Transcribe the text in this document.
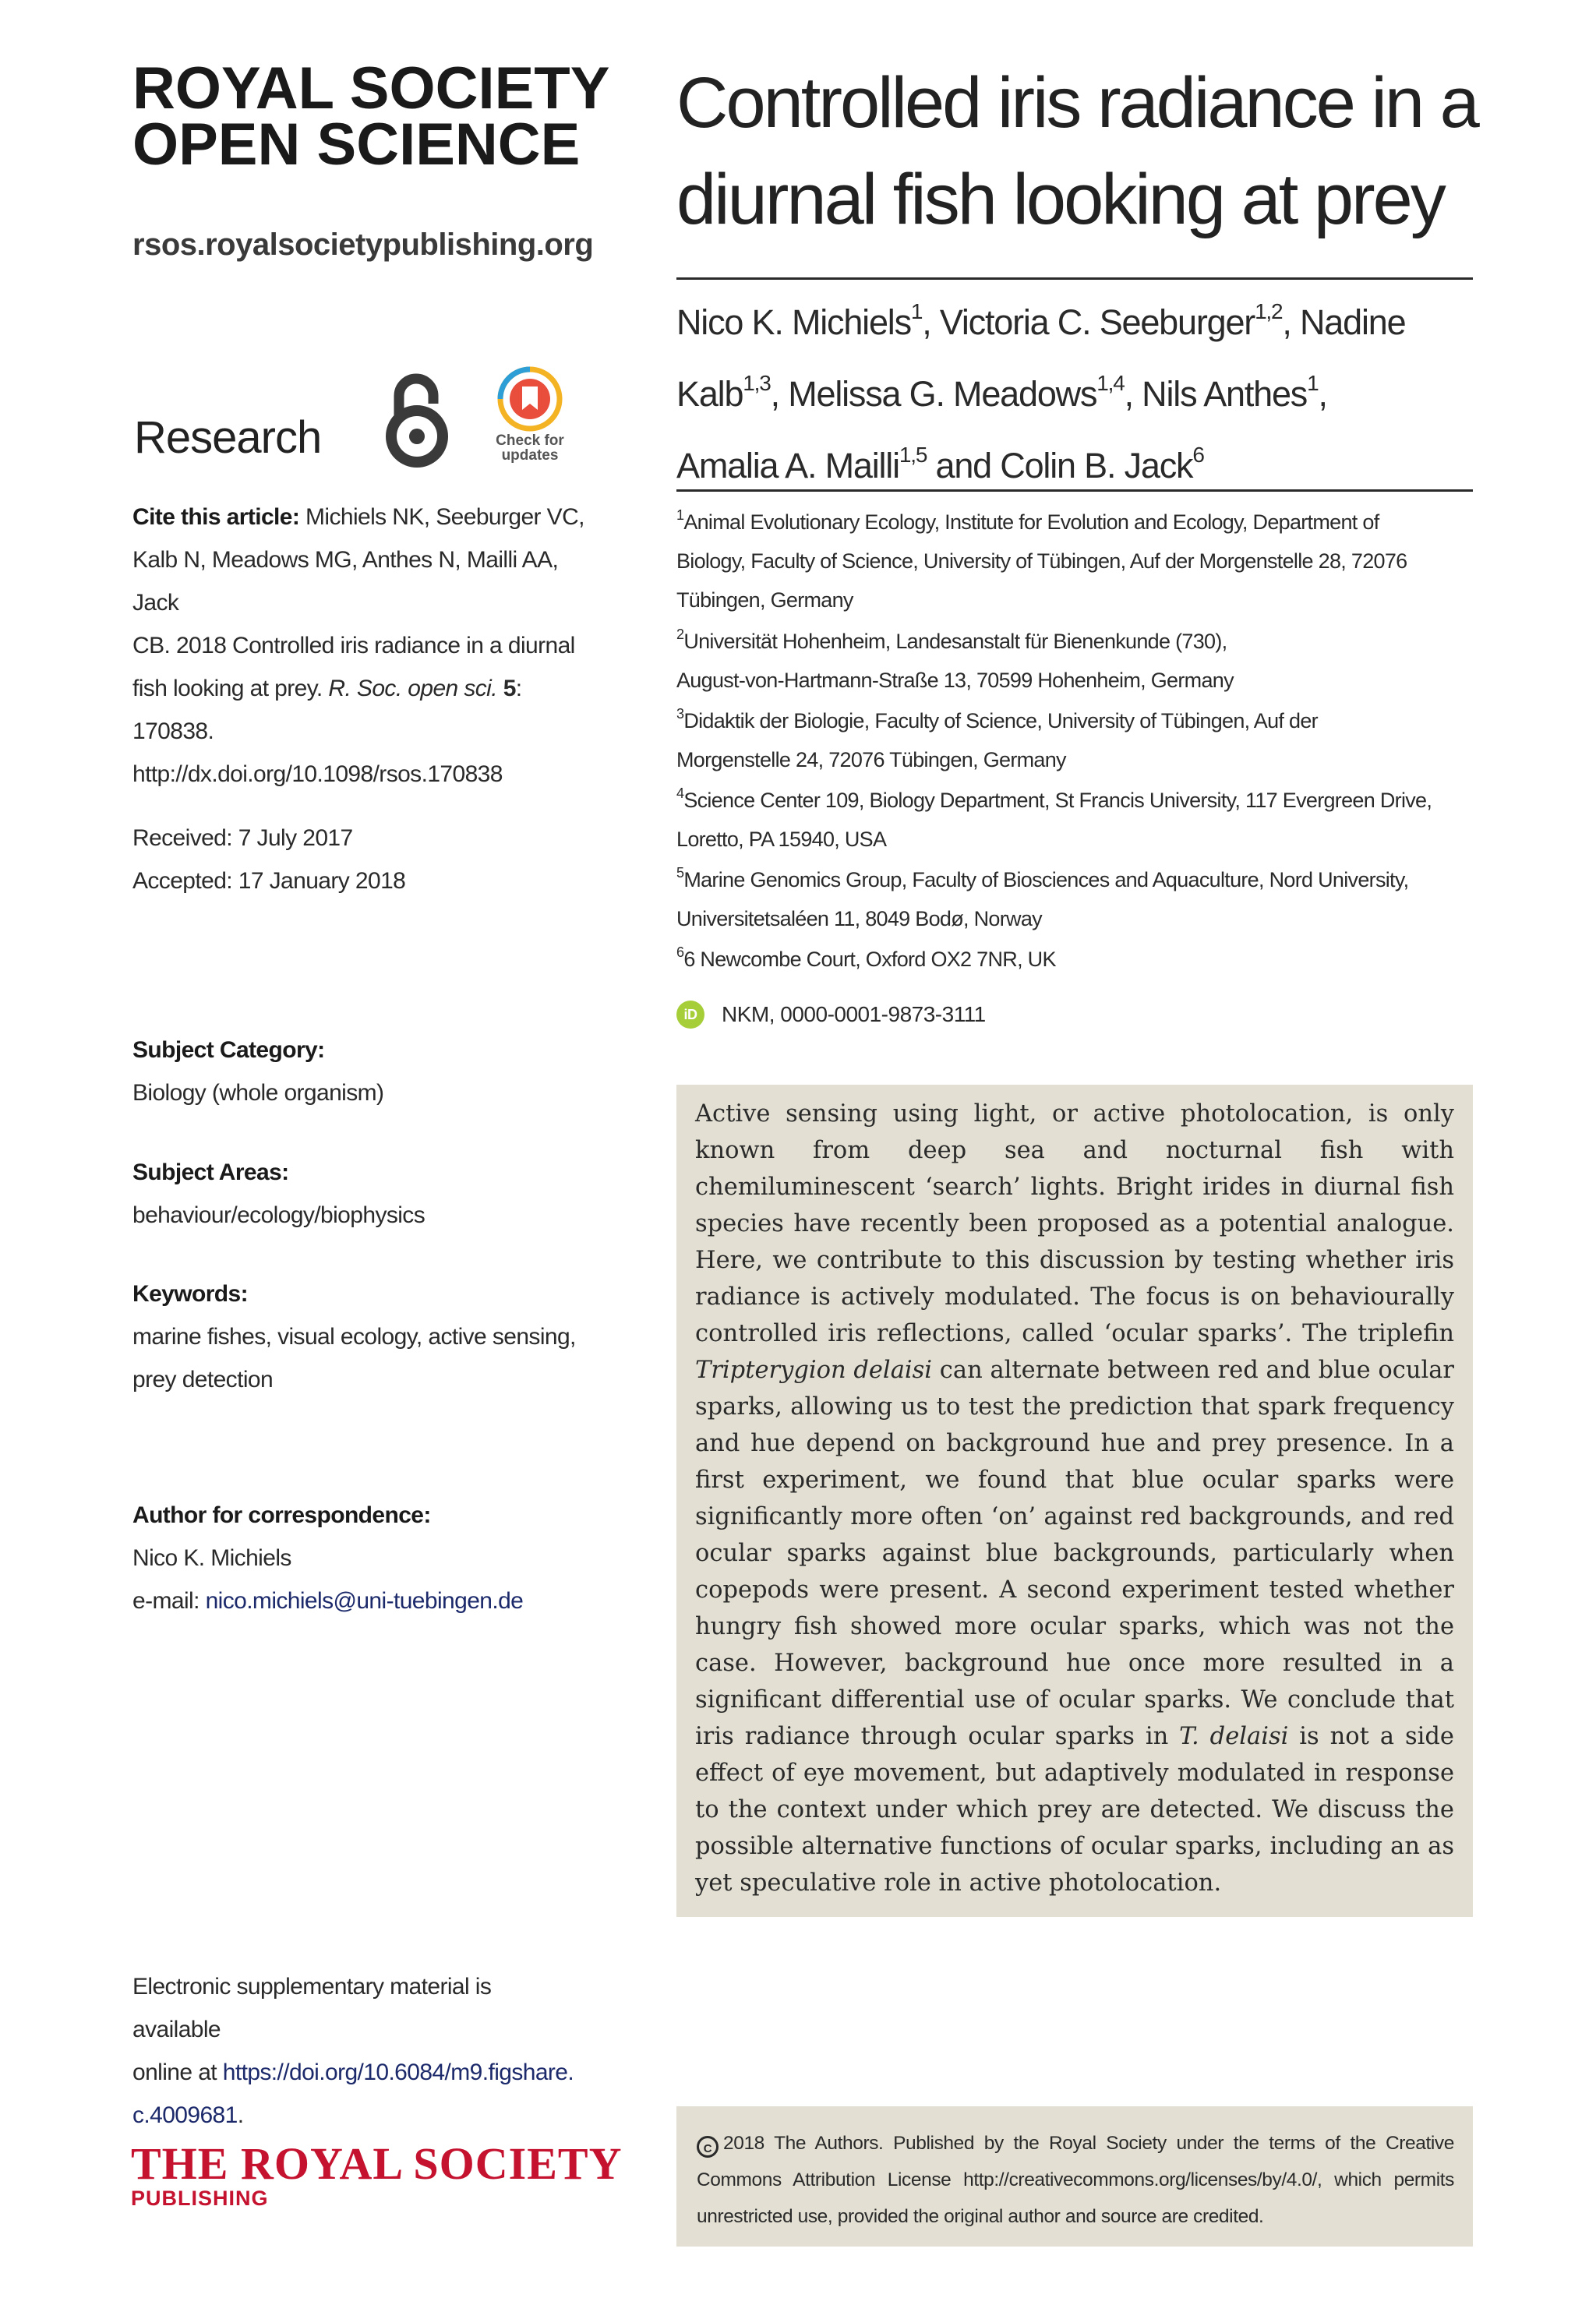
ROYAL SOCIETY
OPEN SCIENCE
rsos.royalsocietypublishing.org
Research	Check for
updates
Cite this article: Michiels NK, Seeburger VC,
Kalb N, Meadows MG, Anthes N, Mailli AA, Jack
CB. 2018 Controlled iris radiance in a diurnal
fish looking at prey. R. Soc. open sci. 5: 170838.
http://dx.doi.org/10.1098/rsos.170838
Received: 7 July 2017
Accepted: 17 January 2018
Subject Category:
Biology (whole organism)
Subject Areas:
behaviour/ecology/biophysics
Keywords:
marine fishes, visual ecology, active sensing,
prey detection
Author for correspondence:
Nico K. Michiels
e-mail: nico.michiels@uni-tuebingen.de
Electronic supplementary material is available
online at https://doi.org/10.6084/m9.figshare.
c.4009681.
THE ROYAL SOCIETY
PUBLISHING
Controlled iris radiance in a
diurnal fish looking at prey
Nico K. Michiels$^1$, Victoria C. Seeburger$^{1,2}$, Nadine
Kalb$^{1,3}$, Melissa G. Meadows$^{1,4}$, Nils Anthes$^1$,
Amalia A. Mailli$^{1,5}$ and Colin B. Jack$^6$
$^1$Animal Evolutionary Ecology, Institute for Evolution and Ecology, Department of
Biology, Faculty of Science, University of Tübingen, Auf der Morgenstelle 28, 72076
Tübingen, Germany
$^2$Universität Hohenheim, Landesanstalt für Bienenkunde (730),
August-von-Hartmann-Straße 13, 70599 Hohenheim, Germany
$^3$Didaktik der Biologie, Faculty of Science, University of Tübingen, Auf der
Morgenstelle 24, 72076 Tübingen, Germany
$^4$Science Center 109, Biology Department, St Francis University, 117 Evergreen Drive,
Loretto, PA 15940, USA
$^5$Marine Genomics Group, Faculty of Biosciences and Aquaculture, Nord University,
Universitetsaléen 11, 8049 Bodø, Norway
$^6$6 Newcombe Court, Oxford OX2 7NR, UK
iD	NKM, 0000-0001-9873-3111
Active sensing using light, or active photolocation, is only known from deep sea and nocturnal fish with chemiluminescent ‘search’ lights. Bright irides in diurnal fish species have recently been proposed as a potential analogue. Here, we contribute to this discussion by testing whether iris radiance is actively modulated. The focus is on behaviourally controlled iris reflections, called ‘ocular sparks’. The triplefin Tripterygion delaisi can alternate between red and blue ocular sparks, allowing us to test the prediction that spark frequency and hue depend on background hue and prey presence. In a first experiment, we found that blue ocular sparks were significantly more often ‘on’ against red backgrounds, and red ocular sparks against blue backgrounds, particularly when copepods were present. A second experiment tested whether hungry fish showed more ocular sparks, which was not the case. However, background hue once more resulted in a significant differential use of ocular sparks. We conclude that iris radiance through ocular sparks in T. delaisi is not a side effect of eye movement, but adaptively modulated in response to the context under which prey are detected. We discuss the possible alternative functions of ocular sparks, including an as yet speculative role in active photolocation.
C 2018 The Authors. Published by the Royal Society under the terms of the Creative Commons Attribution License http://creativecommons.org/licenses/by/4.0/, which permits unrestricted use, provided the original author and source are credited.
